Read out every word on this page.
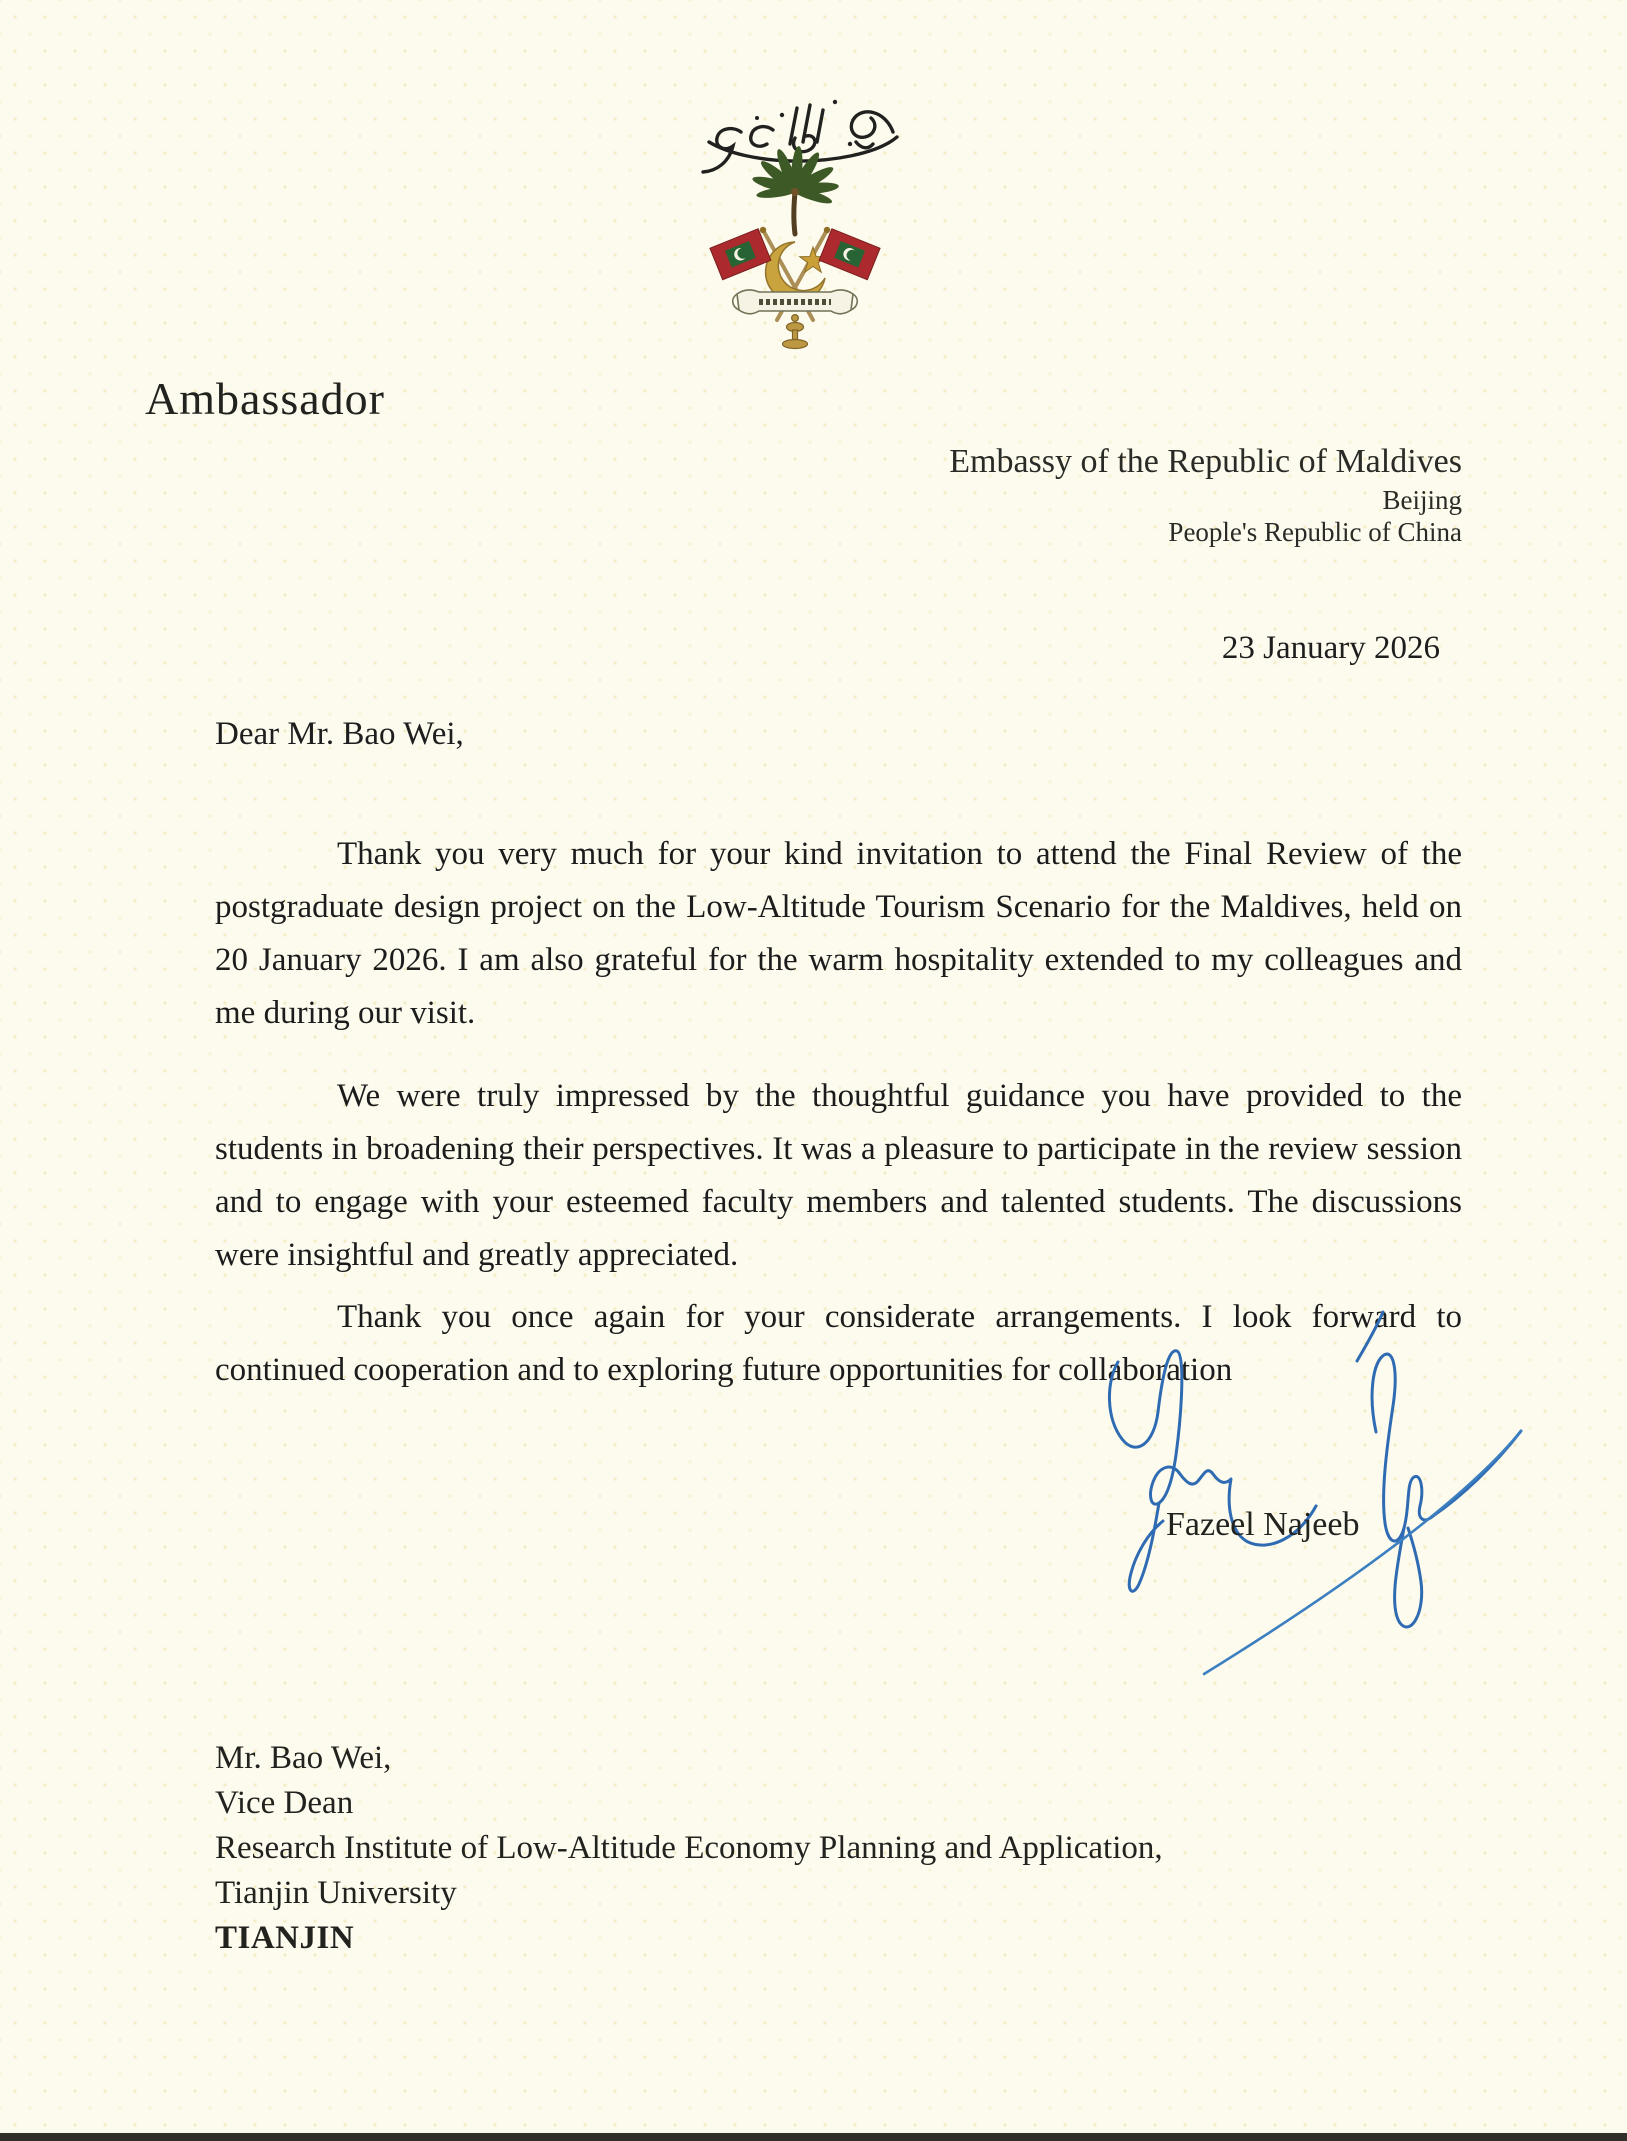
Ambassador
Embassy of the Republic of Maldives
Beijing
People's Republic of China
23 January 2026
Dear Mr. Bao Wei,

Thank you very much for your kind invitation to attend the Final Review of the postgraduate design project on the Low-Altitude Tourism Scenario for the Maldives, held on 20 January 2026. I am also grateful for the warm hospitality extended to my colleagues and me during our visit.

We were truly impressed by the thoughtful guidance you have provided to the students in broadening their perspectives. It was a pleasure to participate in the review session and to engage with your esteemed faculty members and talented students. The discussions were insightful and greatly appreciated.

Thank you once again for your considerate arrangements. I look forward to continued cooperation and to exploring future opportunities for collaboration

Fazeel Najeeb
Mr. Bao Wei,
Vice Dean
Research Institute of Low-Altitude Economy Planning and Application,
Tianjin University
TIANJIN
